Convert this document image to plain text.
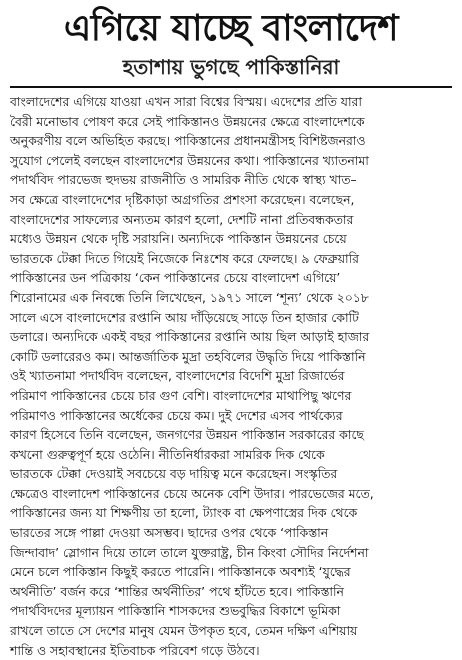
এগিয়ে যাচ্ছে বাংলাদেশ
হতাশায় ভুগছে পাকিস্তানিরা
বাংলাদেশের এগিয়ে যাওয়া এখন সারা বিশ্বের বিস্ময়। এদেশের প্রতি যারা
বৈরী মনোভাব পোষণ করে সেই পাকিস্তানও উন্নয়নের ক্ষেত্রে বাংলাদেশকে
অনুকরণীয় বলে অভিহিত করছে। পাকিস্তানের প্রধানমন্ত্রীসহ বিশিষ্টজনরাও
সুযোগ পেলেই বলছেন বাংলাদেশের উন্নয়নের কথা। পাকিস্তানের খ্যাতনামা
পদার্থবিদ পারভেজ হুদভয় রাজনীতি ও সামরিক নীতি থেকে স্বাস্থ্য খাত–
সব ক্ষেত্রে বাংলাদেশের দৃষ্টিকাড়া অগ্রগতির প্রশংসা করেছেন। বলেছেন,
বাংলাদেশের সাফল্যের অন্যতম কারণ হলো, দেশটি নানা প্রতিবন্ধকতার
মধ্যেও উন্নয়ন থেকে দৃষ্টি সরায়নি। অন্যদিকে পাকিস্তান উন্নয়নের চেয়ে
ভারতকে টেক্কা দিতে গিয়েই নিজেকে নিঃশেষ করে ফেলছে। ৯ ফেব্রুয়ারি
পাকিস্তানের ডন পত্রিকায় ‘কেন পাকিস্তানের চেয়ে বাংলাদেশ এগিয়ে’
শিরোনামের এক নিবন্ধে তিনি লিখেছেন, ১৯৭১ সালে ‘শূন্য’ থেকে ২০১৮
সালে এসে বাংলাদেশের রপ্তানি আয় দাঁড়িয়েছে সাড়ে তিন হাজার কোটি
ডলারে। অন্যদিকে একই বছর পাকিস্তানের রপ্তানি আয় ছিল আড়াই হাজার
কোটি ডলারেরও কম। আন্তর্জাতিক মুদ্রা তহবিলের উদ্ধৃতি দিয়ে পাকিস্তানি
ওই খ্যাতনামা পদার্থবিদ বলেছেন, বাংলাদেশের বিদেশি মুদ্রা রিজার্ভের
পরিমাণ পাকিস্তানের চেয়ে চার গুণ বেশি। বাংলাদেশের মাথাপিছু ঋণের
পরিমাণও পাকিস্তানের অর্ধেকের চেয়ে কম। দুই দেশের এসব পার্থক্যের
কারণ হিসেবে তিনি বলেছেন, জনগণের উন্নয়ন পাকিস্তান সরকারের কাছে
কখনো গুরুত্বপূর্ণ হয়ে ওঠেনি। নীতিনির্ধারকরা সামরিক দিক থেকে
ভারতকে টেক্কা দেওয়াই সবচেয়ে বড় দায়িত্ব মনে করেছেন। সংস্কৃতির
ক্ষেত্রেও বাংলাদেশ পাকিস্তানের চেয়ে অনেক বেশি উদার। পারভেজের মতে,
পাকিস্তানের জন্য যা শিক্ষণীয় তা হলো, ট্যাংক বা ক্ষেপণাস্ত্রের দিক থেকে
ভারতের সঙ্গে পাল্লা দেওয়া অসম্ভব। ছাদের ওপর থেকে ‘পাকিস্তান
জিন্দাবাদ’ স্লোগান দিয়ে তালে তালে যুক্তরাষ্ট্র, চীন কিংবা সৌদির নির্দেশনা
মেনে চলে পাকিস্তান কিছুই করতে পারেনি। পাকিস্তানকে অবশ্যই ‘যুদ্ধের
অর্থনীতি’ বর্জন করে ‘শান্তির অর্থনীতির’ পথে হাঁটতে হবে। পাকিস্তানি
পদার্থবিদদের মূল্যায়ন পাকিস্তানি শাসকদের শুভবুদ্ধির বিকাশে ভূমিকা
রাখলে তাতে সে দেশের মানুষ যেমন উপকৃত হবে, তেমন দক্ষিণ এশিয়ায়
শান্তি ও সহাবস্থানের ইতিবাচক পরিবেশ গড়ে উঠবে।
